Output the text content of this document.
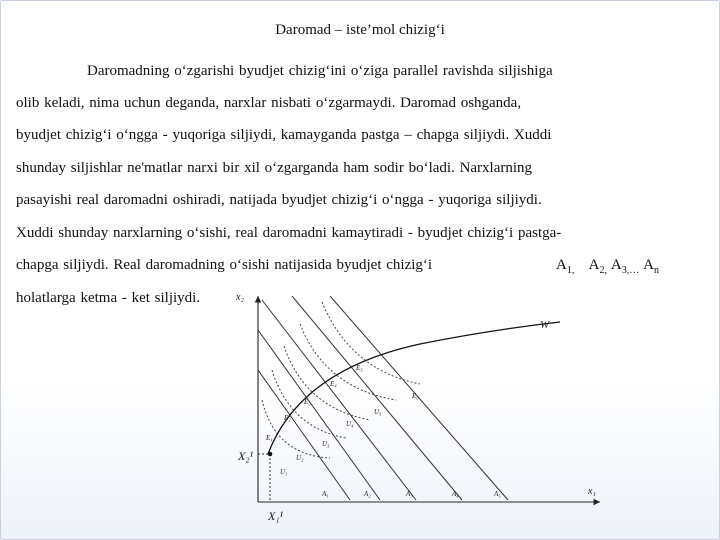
Daromad – iste’mol chizig‘i
Daromadning o‘zgarishi byudjet chizig‘ini o‘ziga parallel ravishda siljishiga
olib keladi, nima uchun deganda, narxlar nisbati o‘zgarmaydi. Daromad oshganda,
byudjet chizig‘i o‘ngga - yuqoriga siljiydi, kamayganda pastga – chapga siljiydi. Xuddi
shunday siljishlar ne'matlar narxi bir xil o‘zgarganda ham sodir bo‘ladi. Narxlarning
pasayishi real daromadni oshiradi, natijada byudjet chizig‘i o‘ngga - yuqoriga siljiydi.
Xuddi shunday narxlarning o‘sishi, real daromadni kamaytiradi - byudjet chizig‘i pastga-
chapga siljiydi. Real daromadning o‘sishi natijasida byudjet chizig‘i	$A_{1,}$ $A_{2,}$ $A_{3,\dots}$ $A_n$
holatlarga ketma - ket siljiydi.	x₂
x₁
W
X₂¹
X₁¹
E₅
E₄
E₃
E₂
E₁
E₀
U₅
U₄
U₃
U₂
U₁
A₁	A₂	A₃	A₄	A₅
